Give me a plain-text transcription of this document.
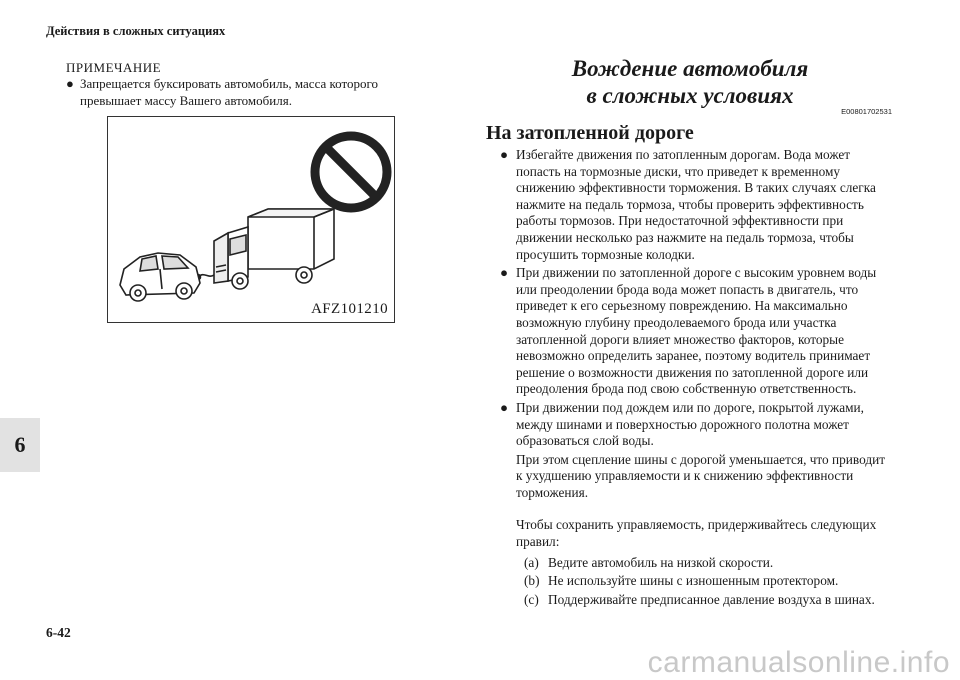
Действия в сложных ситуациях
6
ПРИМЕЧАНИЕ
● Запрещается буксировать автомобиль, масса которого превышает массу Вашего автомобиля.
AFZ101210
Вождение автомобиля
в сложных условиях
E00801702531
На затопленной дороге
● Избегайте движения по затопленным дорогам. Вода может попасть на тормозные диски, что приведет к временному снижению эффективности торможения. В таких случаях слегка нажмите на педаль тормоза, чтобы проверить эффективность работы тормозов. При недостаточной эффективности при движении несколько раз нажмите на педаль тормоза, чтобы просушить тормозные колодки.
● При движении по затопленной дороге с высоким уровнем воды или преодолении брода вода может попасть в двигатель, что приведет к его серьезному повреждению. На максимально возможную глубину преодолеваемого брода или участка затопленной дороги влияет множество факторов, которые невозможно определить заранее, поэтому водитель принимает решение о возможности движения по затопленной дороге или преодоления брода под свою собственную ответственность.
● При движении под дождем или по дороге, покрытой лужами, между шинами и поверхностью дорожного полотна может образоваться слой воды.
При этом сцепление шины с дорогой уменьшается, что приводит к ухудшению управляемости и к снижению эффективности торможения.
Чтобы сохранить управляемость, придерживайтесь следующих правил:
(a) Ведите автомобиль на низкой скорости.
(b) Не используйте шины с изношенным протектором.
(c) Поддерживайте предписанное давление воздуха в шинах.
6-42
carmanualsonline.info
